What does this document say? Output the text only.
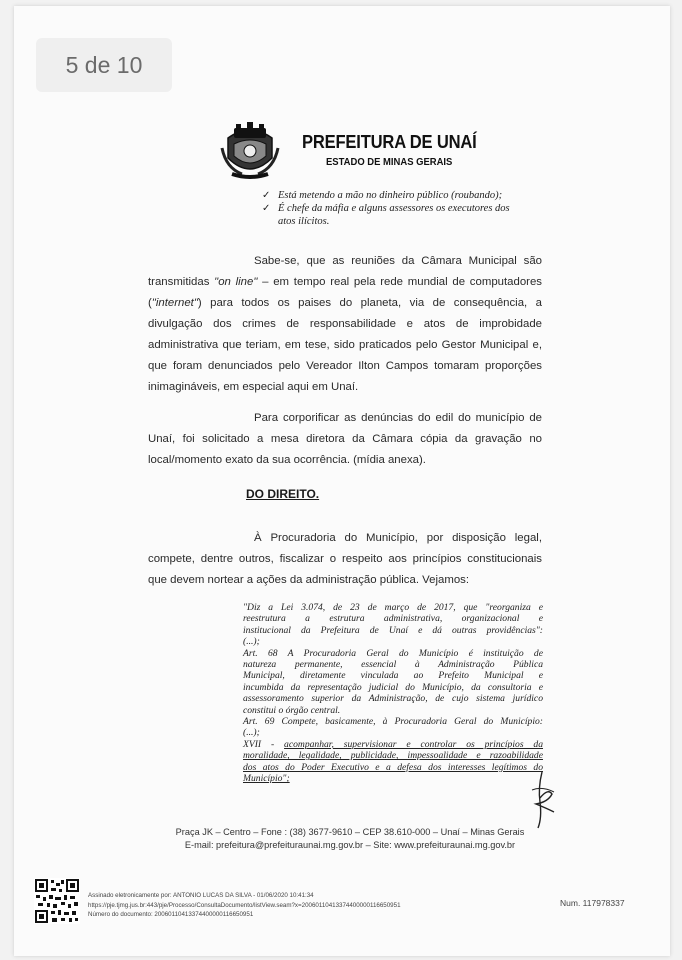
5 de 10
PREFEITURA DE UNAÍ
ESTADO DE MINAS GERAIS
✓ Está metendo a mão no dinheiro público (roubando);
✓ É chefe da máfia e alguns assessores os executores dos
atos ilícitos.
Sabe-se, que as reuniões da Câmara Municipal são
transmitidas "on line" – em tempo real pela rede mundial de computadores
("internet") para todos os paises do planeta, via de consequência, a
divulgação dos crimes de responsabilidade e atos de improbidade
administrativa que teriam, em tese, sido praticados pelo Gestor Municipal e,
que foram denunciados pelo Vereador Ilton Campos tomaram proporções
inimagináveis, em especial aqui em Unaí.
Para corporificar as denúncias do edil do município de
Unaí, foi solicitado a mesa diretora da Câmara cópia da gravação no
local/momento exato da sua ocorrência. (mídia anexa).
DO DIREITO.
À Procuradoria do Município, por disposição legal,
compete, dentre outros, fiscalizar o respeito aos princípios constitucionais
que devem nortear a ações da administração pública. Vejamos:
"Diz a Lei 3.074, de 23 de março de 2017, que "reorganiza e
reestrutura a estrutura administrativa, organizacional e
institucional da Prefeitura de Unaí e dá outras providências":
(...);
Art. 68 A Procuradoria Geral do Município é instituição de
natureza permanente, essencial à Administração Pública
Municipal, diretamente vinculada ao Prefeito Municipal e
incumbida da representação judicial do Município, da consultoria e
assessoramento superior da Administração, de cujo sistema jurídico
constitui o órgão central.
Art. 69 Compete, basicamente, à Procuradoria Geral do Município:
(...);
XVII - acompanhar, supervisionar e controlar os princípios da
moralidade, legalidade, publicidade, impessoalidade e razoabilidade
dos atos do Poder Executivo e a defesa dos interesses legítimos do
Município";
Praça JK – Centro – Fone : (38) 3677-9610 – CEP 38.610-000 – Unaí – Minas Gerais
E-mail: prefeitura@prefeituraunai.mg.gov.br – Site: www.prefeituraunai.mg.gov.br
Assinado eletronicamente por: ANTONIO LUCAS DA SILVA - 01/06/2020 10:41:34
https://pje.tjmg.jus.br:443/pje/Processo/ConsultaDocumento/listView.seam?x=20060110413374400000116650951
Número do documento: 20060110413374400000116650951
Num. 117978337
